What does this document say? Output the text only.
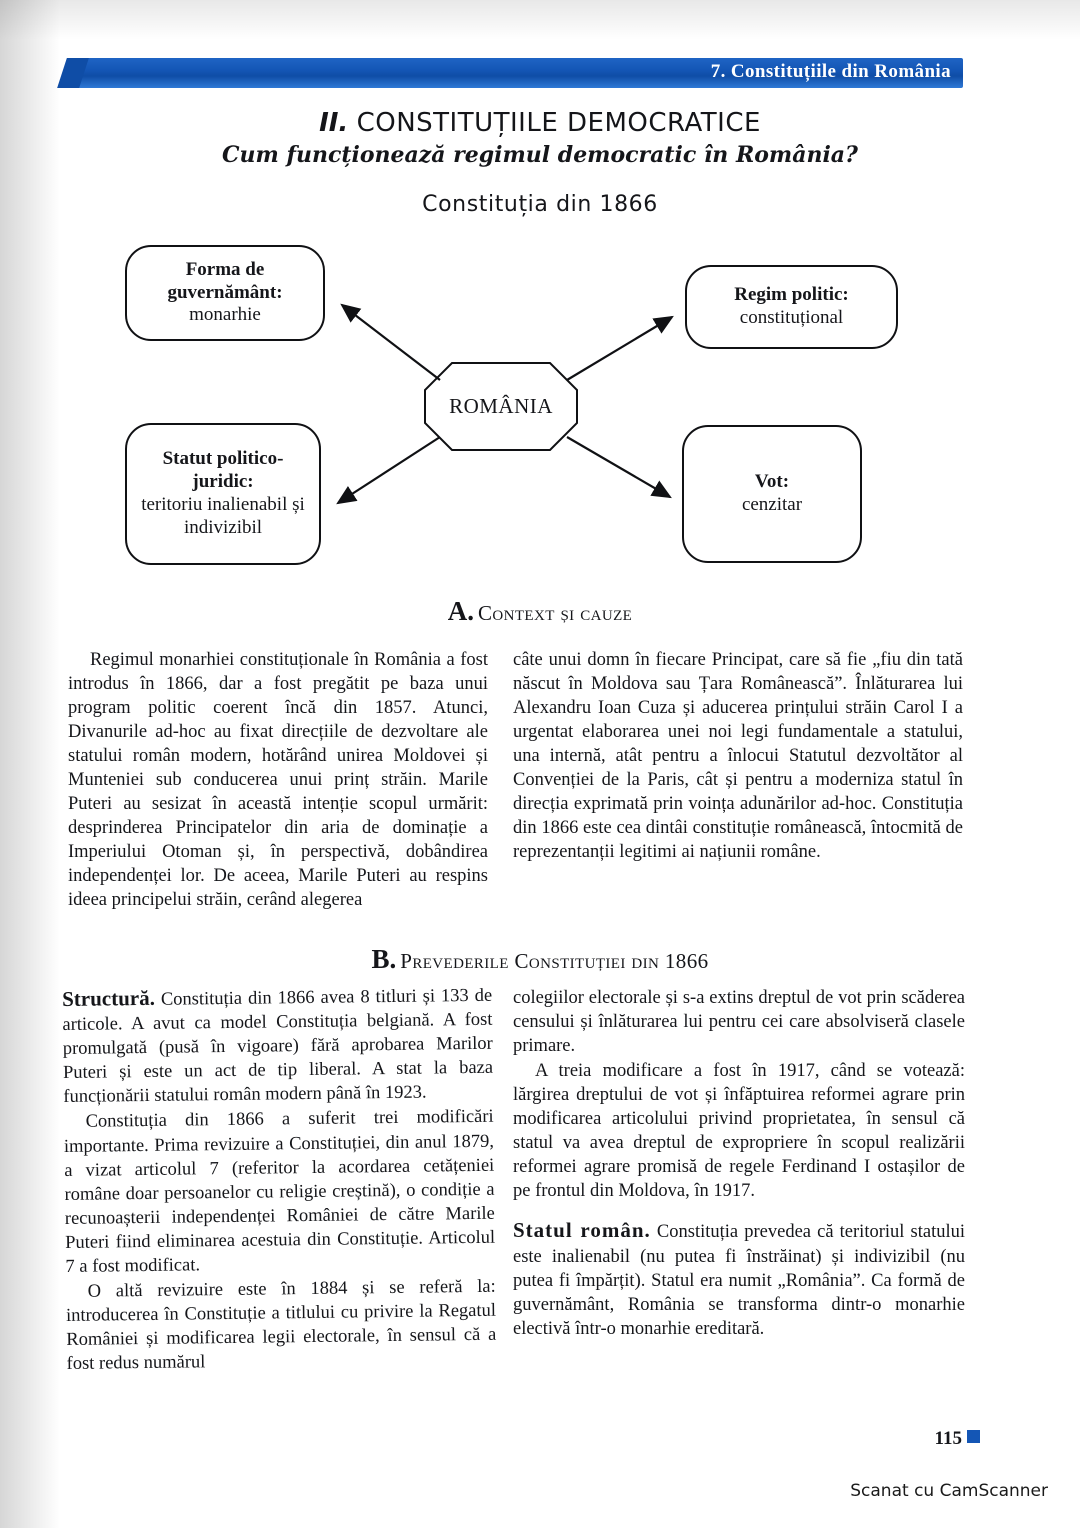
7. Constituțiile din România
II. CONSTITUȚIILE DEMOCRATICE
Cum funcționează regimul democratic în România?
Constituția din 1866
ROMÂNIA
Forma de guvernământ:
monarhie
Regim politic:
constituțional
Statut politico-juridic:
teritoriu inalienabil și indivizibil
Vot:
cenzitar
A. Context și cauze

Regimul monarhiei constituționale în România a fost introdus în 1866, dar a fost pregătit pe baza unui program politic coerent încă din 1857. Atunci, Divanurile ad-hoc au fixat direcțiile de dezvoltare ale statului român modern, hotărând unirea Moldovei și Munteniei sub conducerea unui prinț străin. Marile Puteri au sesizat în această intenție scopul urmărit: desprinderea Principatelor din aria de dominație a Imperiului Otoman și, în perspectivă, dobândirea independenței lor. De aceea, Marile Puteri au respins ideea principelui străin, cerând alegerea

câte unui domn în fiecare Principat, care să fie „fiu din tată născut în Moldova sau Țara Românească”. Înlăturarea lui Alexandru Ioan Cuza și aducerea prințului străin Carol I a urgentat elaborarea unei noi legi fundamentale a statului, una internă, atât pentru a înlocui Statutul dezvoltător al Convenției de la Paris, cât și pentru a moderniza statul în direcția exprimată prin voința adunărilor ad-hoc. Constituția din 1866 este cea dintâi constituție românească, întocmită de reprezentanții legitimi ai națiunii române.

B. Prevederile Constituției din 1866

Structură. Constituția din 1866 avea 8 titluri și 133 de articole. A avut ca model Constituția belgiană. A fost promulgată (pusă în vigoare) fără aprobarea Marilor Puteri și este un act de tip liberal. A stat la baza funcționării statului român modern până în 1923.

Constituția din 1866 a suferit trei modificări importante. Prima revizuire a Constituției, din anul 1879, a vizat articolul 7 (referitor la acordarea cetățeniei române doar persoanelor cu religie creștină), o condiție a recunoașterii independenței României de către Marile Puteri fiind eliminarea acestuia din Constituție. Articolul 7 a fost modificat.

O altă revizuire este în 1884 și se referă la: introducerea în Constituție a titlului cu privire la Regatul României și modificarea legii electorale, în sensul că a fost redus numărul

colegiilor electorale și s-a extins dreptul de vot prin scăderea censului și înlăturarea lui pentru cei care absolviseră clasele primare.

A treia modificare a fost în 1917, când se votează: lărgirea dreptului de vot și înfăptuirea reformei agrare prin modificarea articolului privind proprietatea, în sensul că statul va avea dreptul de expropriere în scopul realizării reformei agrare promisă de regele Ferdinand I ostașilor de pe frontul din Moldova, în 1917.

Statul român. Constituția prevedea că teritoriul statului este inalienabil (nu putea fi înstrăinat) și indivizibil (nu putea fi împărțit). Statul era numit „România”. Ca formă de guvernământ, România se transforma dintr-o monarhie electivă într-o monarhie ereditară.

115
Scanat cu CamScanner
